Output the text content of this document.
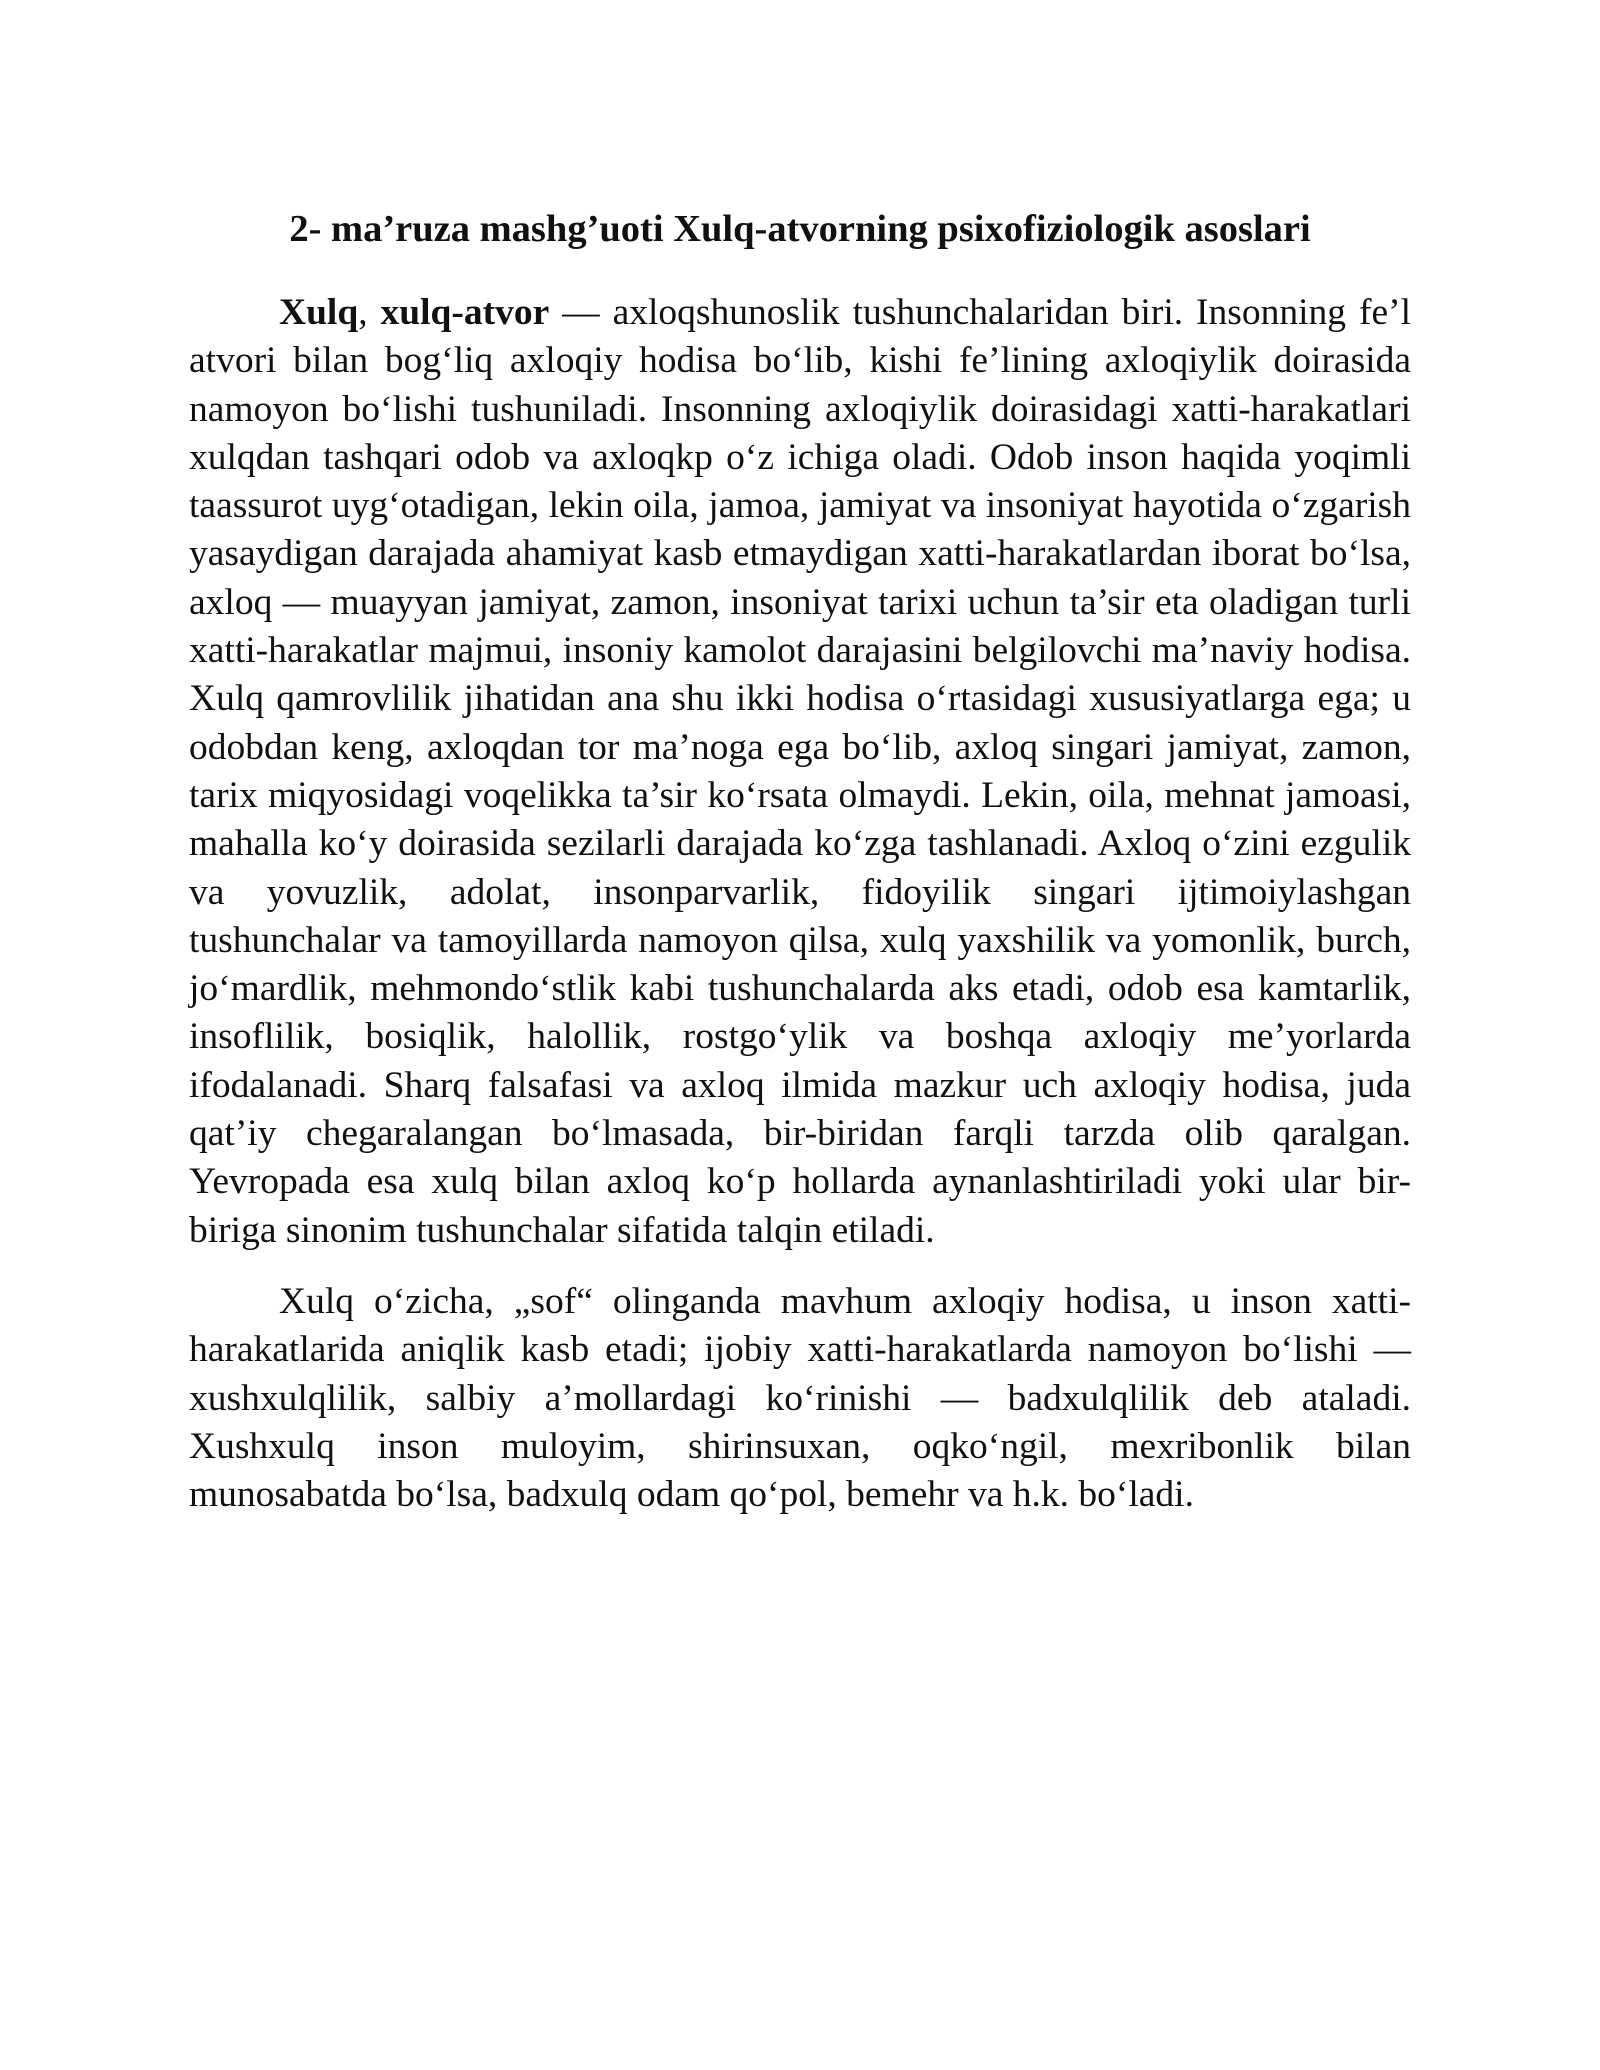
2- ma’ruza mashg’uoti Xulq-atvorning psixofiziologik asoslari

Xulq, xulq-atvor — axloqshunoslik tushunchalaridan biri. Insonning fe’l atvori bilan bog‘liq axloqiy hodisa bo‘lib, kishi fe’lining axloqiylik doirasida namoyon bo‘lishi tushuniladi. Insonning axloqiylik doirasidagi xatti-harakatlari xulqdan tashqari odob va axloqkp o‘z ichiga oladi. Odob inson haqida yoqimli taassurot uyg‘otadigan, lekin oila, jamoa, jamiyat va insoniyat hayotida o‘zgarish yasaydigan darajada ahamiyat kasb etmaydigan xatti-harakatlardan iborat bo‘lsa, axloq — muayyan jamiyat, zamon, insoniyat tarixi uchun ta’sir eta oladigan turli xatti-harakatlar majmui, insoniy kamolot darajasini belgilovchi ma’naviy hodisa. Xulq qamrovlilik jihatidan ana shu ikki hodisa o‘rtasidagi xususiyatlarga ega; u odobdan keng, axloqdan tor ma’noga ega bo‘lib, axloq singari jamiyat, zamon, tarix miqyosidagi voqelikka ta’sir ko‘rsata olmaydi. Lekin, oila, mehnat jamoasi, mahalla ko‘y doirasida sezilarli darajada ko‘zga tashlanadi. Axloq o‘zini ezgulik va yovuzlik, adolat, insonparvarlik, fidoyilik singari ijtimoiylashgan tushunchalar va tamoyillarda namoyon qilsa, xulq yaxshilik va yomonlik, burch, jo‘mardlik, mehmondo‘stlik kabi tushunchalarda aks etadi, odob esa kamtarlik, insoflilik, bosiqlik, halollik, rostgo‘ylik va boshqa axloqiy me’yorlarda ifodalanadi. Sharq falsafasi va axloq ilmida mazkur uch axloqiy hodisa, juda qat’iy chegaralangan bo‘lmasada, bir-biridan farqli tarzda olib qaralgan. Yevropada esa xulq bilan axloq ko‘p hollarda aynanlashtiriladi yoki ular bir-biriga sinonim tushunchalar sifatida talqin etiladi.

Xulq o‘zicha, „sof“ olinganda mavhum axloqiy hodisa, u inson xatti-harakatlarida aniqlik kasb etadi; ijobiy xatti-harakatlarda namoyon bo‘lishi — xushxulqlilik, salbiy a’mollardagi ko‘rinishi — badxulqlilik deb ataladi. Xushxulq inson muloyim, shirinsuxan, oqko‘ngil, mexribonlik bilan munosabatda bo‘lsa, badxulq odam qo‘pol, bemehr va h.k. bo‘ladi.
